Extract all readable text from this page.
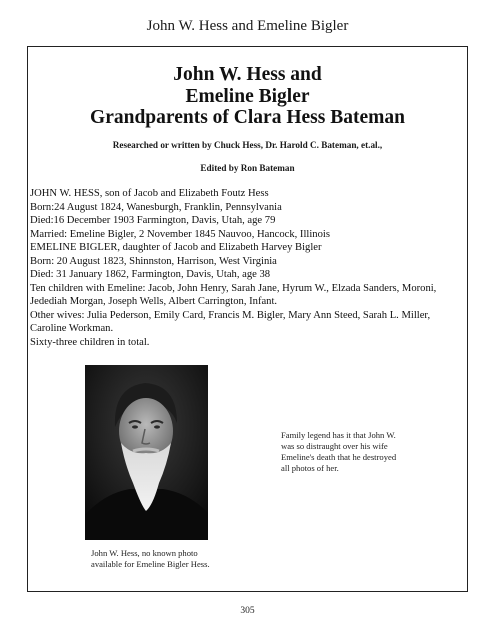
John W. Hess and Emeline Bigler
John W. Hess and
Emeline Bigler
Grandparents of Clara Hess Bateman
Researched or written by Chuck Hess, Dr. Harold C. Bateman, et.al.,
Edited by Ron Bateman
JOHN W. HESS, son of Jacob and Elizabeth Foutz Hess
Born:24 August 1824, Wanesburgh, Franklin, Pennsylvania
Died:16 December 1903 Farmington, Davis, Utah, age 79
Married: Emeline Bigler, 2 November 1845 Nauvoo, Hancock, Illinois
EMELINE BIGLER, daughter of Jacob and Elizabeth Harvey Bigler
Born: 20 August 1823, Shinnston, Harrison, West Virginia
Died: 31 January 1862, Farmington, Davis, Utah, age 38
Ten children with Emeline: Jacob, John Henry, Sarah Jane, Hyrum W., Elzada Sanders, Moroni, Jedediah Morgan, Joseph Wells, Albert Carrington, Infant.
Other wives: Julia Pederson, Emily Card, Francis M. Bigler, Mary Ann Steed, Sarah L. Miller, Caroline Workman.
Sixty-three children in total.
John W. Hess, no known photo available for Emeline Bigler Hess.
Family legend has it that John W. was so distraught over his wife Emeline's death that he destroyed all photos of her.
305
